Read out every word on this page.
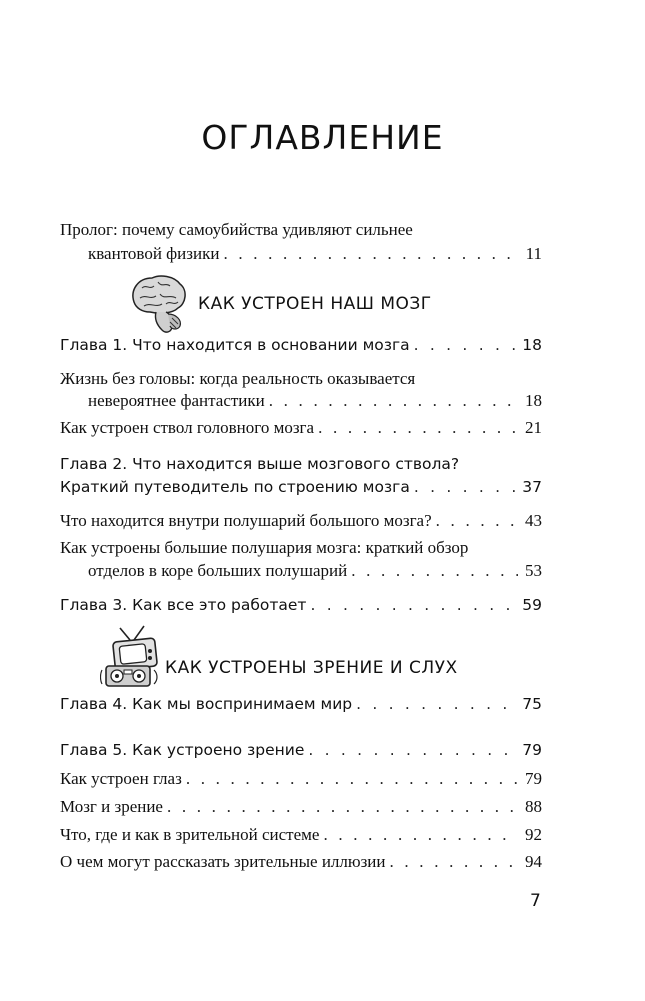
ОГЛАВЛЕНИЕ
Пролог: почему самоубийства удивляют сильнее
квантовой физики . . .	11
КАК УСТРОЕН НАШ МОЗГ
Глава 1. Что находится в основании мозга . . .	18
Жизнь без головы: когда реальность оказывается
невероятнее фантастики . . .	18
Как устроен ствол головного мозга . . .	21
Глава 2. Что находится выше мозгового ствола?
Краткий путеводитель по строению мозга . . .	37
Что находится внутри полушарий большого мозга? . . .	43
Как устроены большие полушария мозга: краткий обзор
отделов в коре больших полушарий . . .	53
Глава 3. Как все это работает . . .	59
КАК УСТРОЕНЫ ЗРЕНИЕ И СЛУХ
Глава 4. Как мы воспринимаем мир . . .	75
Глава 5. Как устроено зрение . . .	79
Как устроен глаз . . .	79
Мозг и зрение . . .	88
Что, где и как в зрительной системе . . .	92
О чем могут рассказать зрительные иллюзии . . .	94
7
